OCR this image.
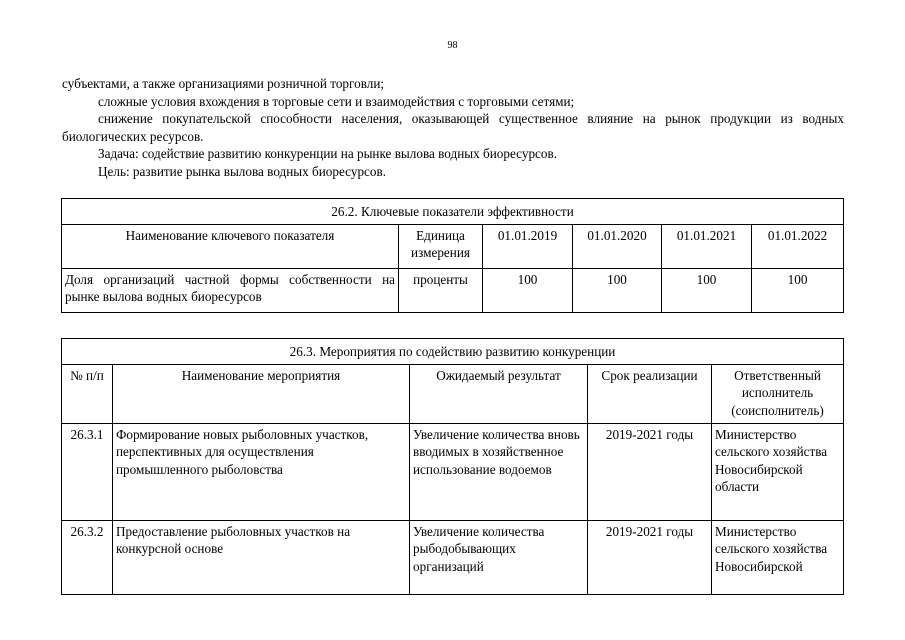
98

субъектами, а также организациями розничной торговли;

сложные условия вхождения в торговые сети и взаимодействия с торговыми сетями;

снижение покупательской способности населения, оказывающей существенное влияние на рынок продукции из водных биологических ресурсов.

Задача: содействие развитию конкуренции на рынке вылова водных биоресурсов.

Цель: развитие рынка вылова водных биоресурсов.

26.2. Ключевые показатели эффективности					
Наименование ключевого показателя	Единица измерения	01.01.2019	01.01.2020	01.01.2021	01.01.2022
Доля организаций частной формы собственности на рынке вылова водных биоресурсов	проценты	100	100	100	100
26.3. Мероприятия по содействию развитию конкуренции				
№ п/п	Наименование мероприятия	Ожидаемый результат	Срок реализации	Ответственный исполнитель (соисполнитель)
26.3.1	Формирование новых рыболовных участков, перспективных для осуществления промышленного рыболовства	Увеличение количества вновь вводимых в хозяйственное использование водоемов	2019-2021 годы	Министерство сельского хозяйства Новосибирской области
26.3.2	Предоставление рыболовных участков на конкурсной основе	Увеличение количества рыбодобывающих организаций	2019-2021 годы	Министерство сельского хозяйства Новосибирской
